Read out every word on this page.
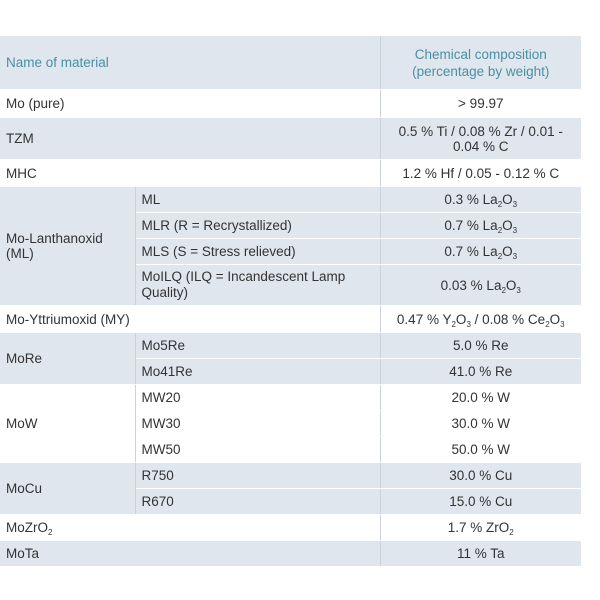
Name of material		Chemical composition
(percentage by weight)
Mo (pure)		> 99.97
TZM		0.5 % Ti / 0.08 % Zr / 0.01 -
0.04 % C
MHC		1.2 % Hf / 0.05 - 0.12 % C
Mo-Lanthanoxid
(ML)	ML	0.3 % $La_2O_3$
	MLR (R = Recrystallized)	0.7 % $La_2O_3$
	MLS (S = Stress relieved)	0.7 % $La_2O_3$
	MoILQ (ILQ = Incandescent Lamp Quality)	0.03 % $La_2O_3$
Mo-Yttriumoxid (MY)		0.47 % $Y_2O_3 / 0.08$ % $Ce_2O_3$
MoRe	Mo5Re	5.0 % Re
	Mo41Re	41.0 % Re
MoW	MW20	20.0 % W
	MW30	30.0 % W
	MW50	50.0 % W
MoCu	R750	30.0 % Cu
	R670	15.0 % Cu
MoZrO$_2$		1.7 % ZrO$_2$
MoTa		11 % Ta
